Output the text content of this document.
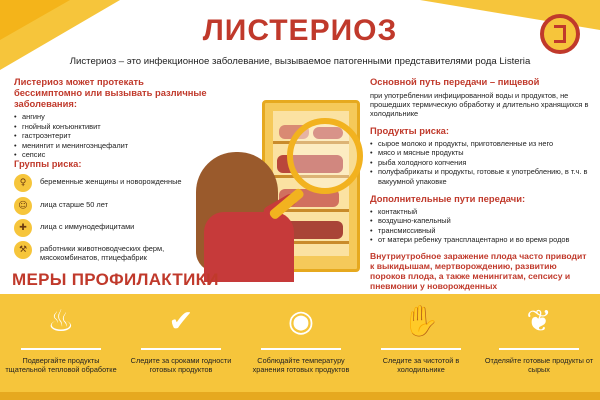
ЛИСТЕРИОЗ
Листериоз – это инфекционное заболевание, вызываемое патогенными представителями рода Listeria
Листериоз может протекать бессимптомно или вызывать различные заболевания:
• ангину
• гнойный конъюнктивит
• гастроэнтерит
• менингит и менингоэнцефалит
• сепсис
Группы риска:
♀	беременные женщины и новорожденные
☺	лица старше 50 лет
✚	лица с иммунодефицитами
⚒	работники животноводческих ферм, мясокомбинатов, птицефабрик
Основной путь передачи – пищевой
при употреблении инфицированной воды и продуктов, не прошедших термическую обработку и длительно хранящихся в холодильнике
Продукты риска:
• сырое молоко и продукты, приготовленные из него
• мясо и мясные продукты
• рыба холодного копчения
• полуфабрикаты и продукты, готовые к употреблению, в т.ч. в вакуумной упаковке
Дополнительные пути передачи:
• контактный
• воздушно-капельный
• трансмиссивный
• от матери ребенку трансплацентарно и во время родов
Внутриутробное заражение плода часто приводит к выкидышам, мертворождению, развитию пороков плода, а также менингитам, сепсису и пневмонии у новорожденных
МЕРЫ ПРОФИЛАКТИКИ
♨
Подвергайте продукты тщательной тепловой обработке
✔
Следите за сроками годности готовых продуктов
◉
Соблюдайте температуру хранения готовых продуктов
✋
Следите за чистотой в холодильнике
❦
Отделяйте готовые продукты от сырых
